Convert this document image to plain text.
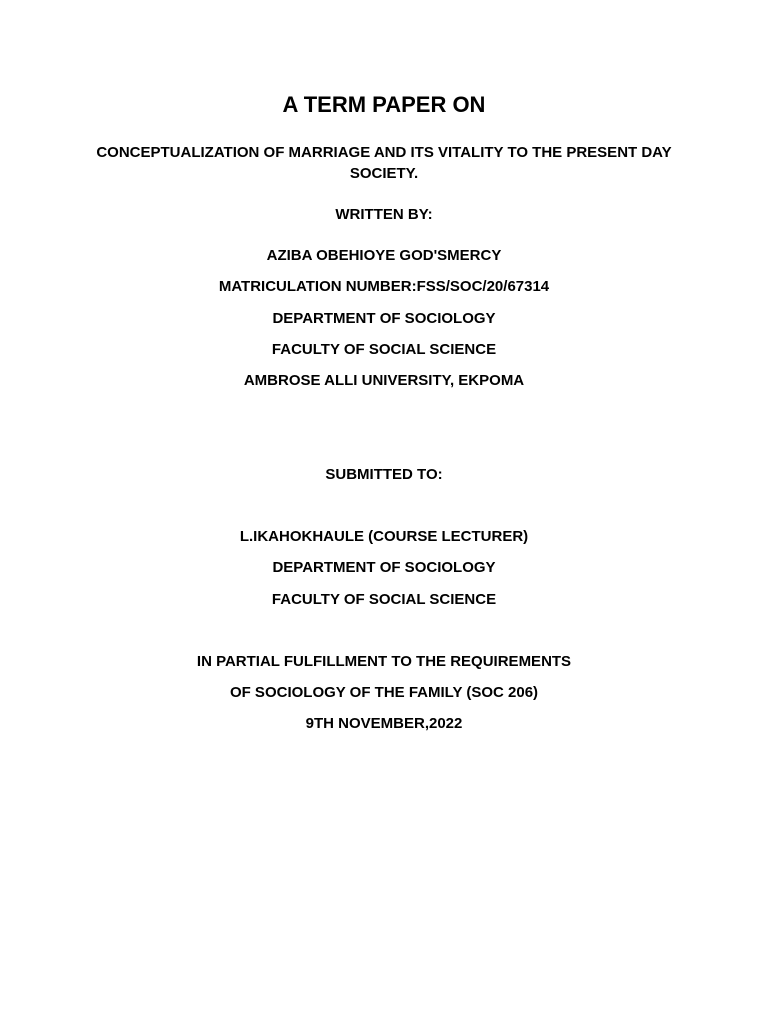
A TERM PAPER ON
CONCEPTUALIZATION OF MARRIAGE AND ITS VITALITY TO THE PRESENT DAY SOCIETY.
WRITTEN BY:
AZIBA OBEHIOYE GOD'SMERCY
MATRICULATION NUMBER:FSS/SOC/20/67314
DEPARTMENT OF SOCIOLOGY
FACULTY OF SOCIAL SCIENCE
AMBROSE ALLI UNIVERSITY, EKPOMA
SUBMITTED TO:
L.IKAHOKHAULE (COURSE LECTURER)
DEPARTMENT OF SOCIOLOGY
FACULTY OF SOCIAL SCIENCE
IN PARTIAL FULFILLMENT TO THE REQUIREMENTS
OF SOCIOLOGY OF THE FAMILY (SOC 206)
9TH NOVEMBER,2022
